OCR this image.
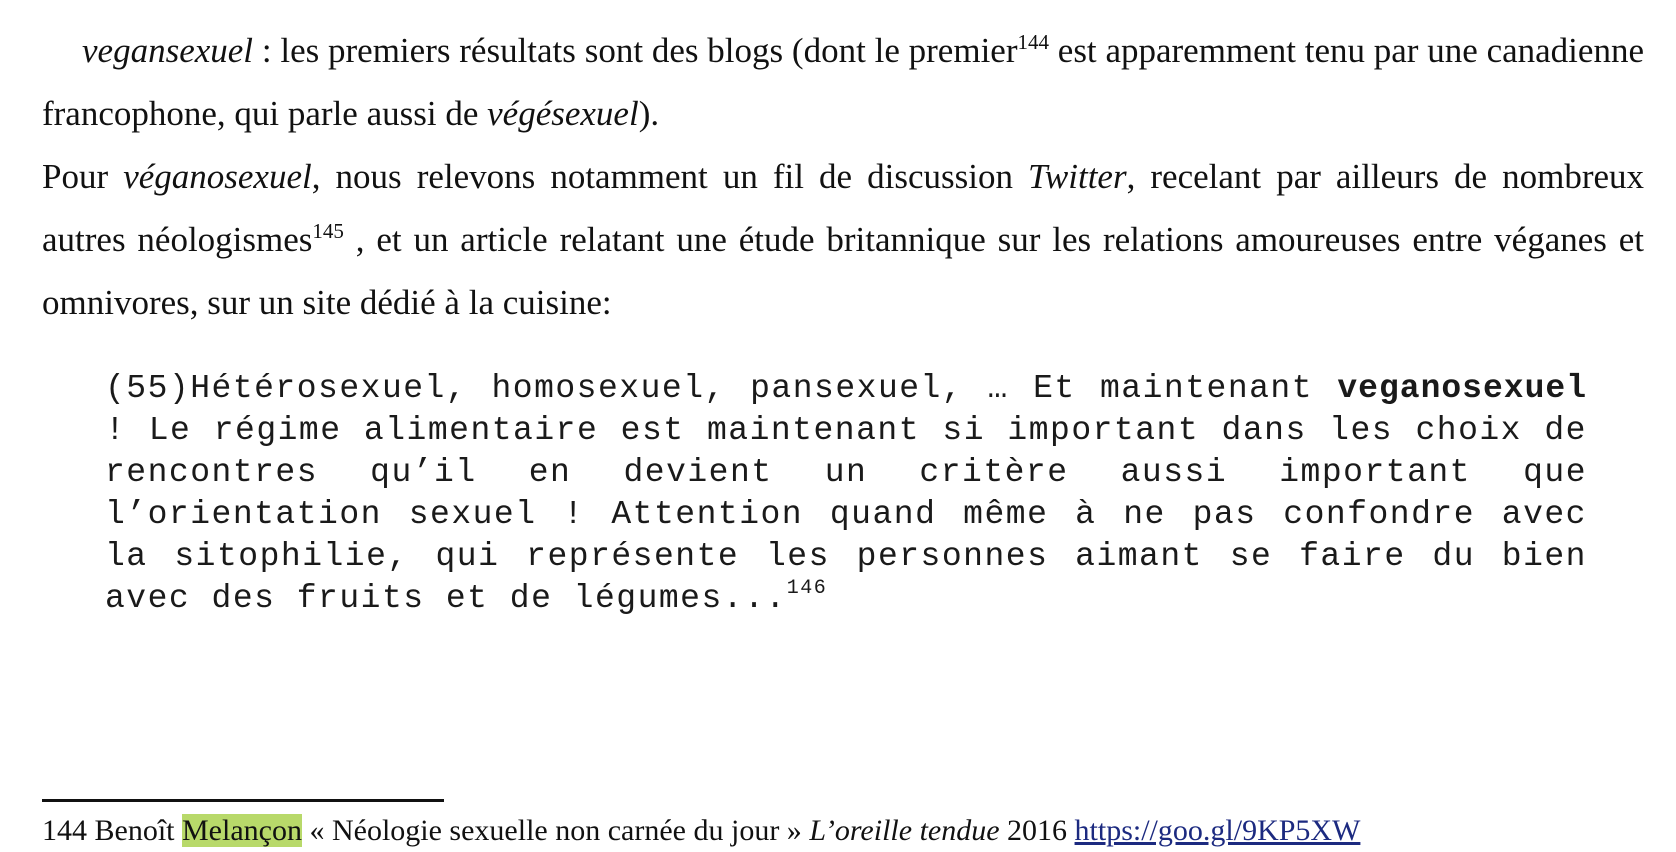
vegansexuel : les premiers résultats sont des blogs (dont le premier$^{144}$ est apparemment tenu par une canadienne francophone, qui parle aussi de végésexuel).

Pour véganosexuel, nous relevons notamment un fil de discussion Twitter, recelant par ailleurs de nombreux autres néologismes$^{145}$ , et un article relatant une étude britannique sur les relations amoureuses entre véganes et omnivores, sur un site dédié à la cuisine:

(55)Hétérosexuel, homosexuel, pansexuel, … Et maintenant veganosexuel ! Le régime alimentaire est maintenant si important dans les choix de rencontres qu’il en devient un critère aussi important que l’orientation sexuel ! Attention quand même à ne pas confondre avec la sitophilie, qui représente les personnes aimant se faire du bien avec des fruits et de légumes...$^{146}$

144 Benoît Melançon « Néologie sexuelle non carnée du jour » L’oreille tendue 2016 https://goo.gl/9KP5XW
